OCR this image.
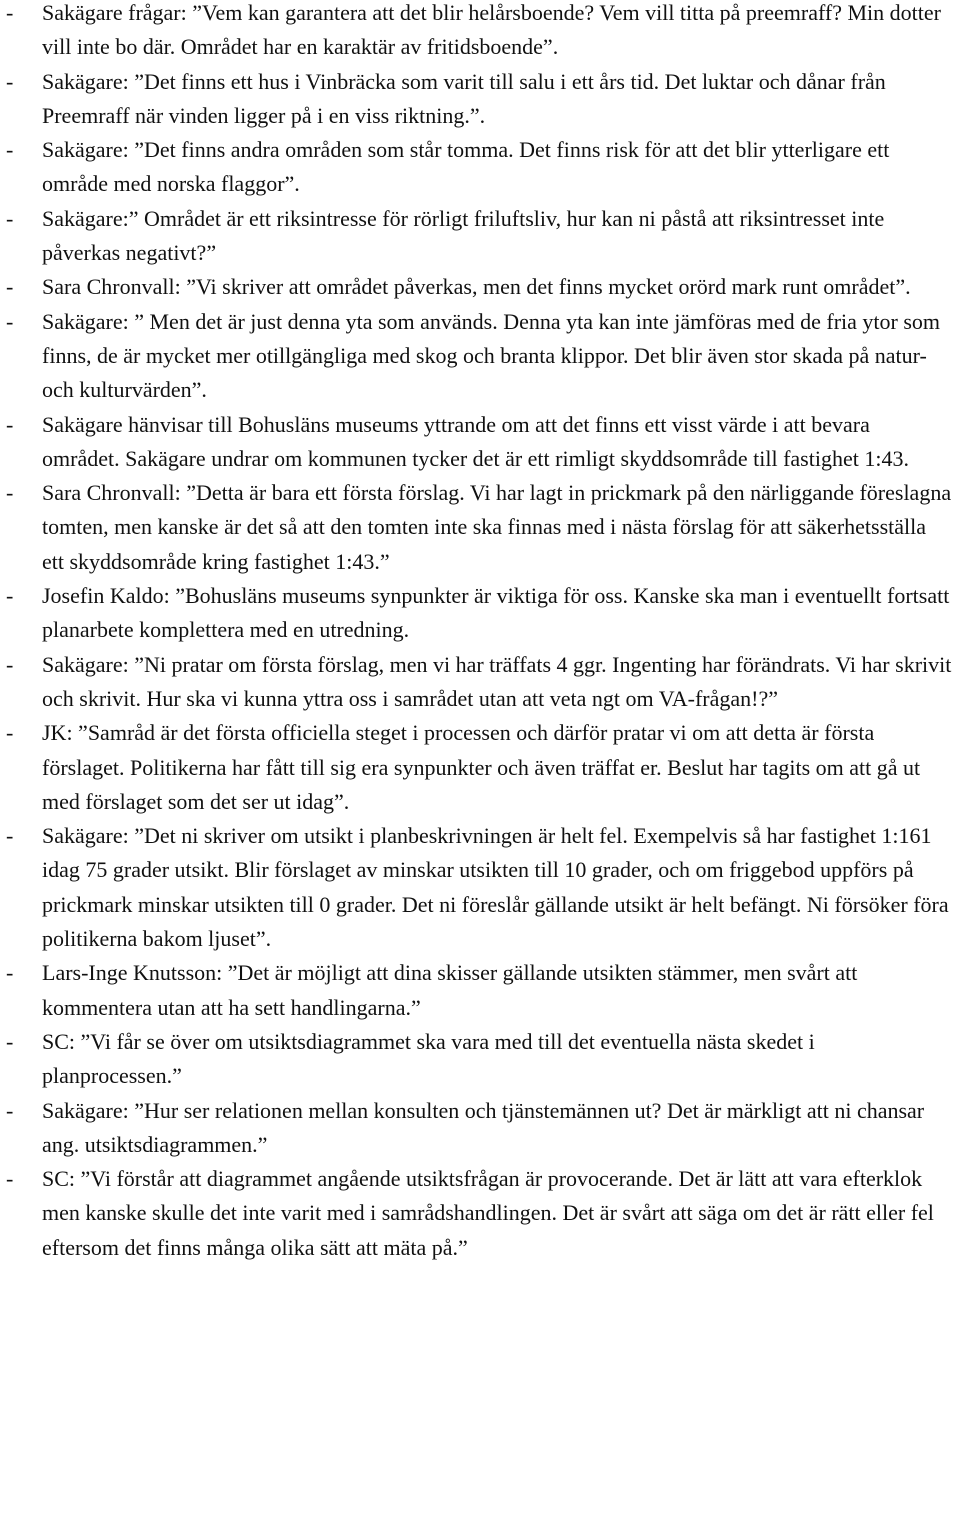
- Sakägare frågar: ”Vem kan garantera att det blir helårsboende? Vem vill titta på preemraff? Min dotter vill inte bo där. Området har en karaktär av fritidsboende”.
- Sakägare: ”Det finns ett hus i Vinbräcka som varit till salu i ett års tid. Det luktar och dånar från Preemraff när vinden ligger på i en viss riktning.”.
- Sakägare: ”Det finns andra områden som står tomma. Det finns risk för att det blir ytterligare ett område med norska flaggor”.
- Sakägare:” Området är ett riksintresse för rörligt friluftsliv, hur kan ni påstå att riksintresset inte påverkas negativt?”
- Sara Chronvall: ”Vi skriver att området påverkas, men det finns mycket orörd mark runt området”.
- Sakägare: ” Men det är just denna yta som används. Denna yta kan inte jämföras med de fria ytor som finns, de är mycket mer otillgängliga med skog och branta klippor. Det blir även stor skada på natur- och kulturvärden”.
- Sakägare hänvisar till Bohusläns museums yttrande om att det finns ett visst värde i att bevara området. Sakägare undrar om kommunen tycker det är ett rimligt skyddsområde till fastighet 1:43.
- Sara Chronvall: ”Detta är bara ett första förslag. Vi har lagt in prickmark på den närliggande föreslagna tomten, men kanske är det så att den tomten inte ska finnas med i nästa förslag för att säkerhetsställa ett skyddsområde kring fastighet 1:43.”
- Josefin Kaldo: ”Bohusläns museums synpunkter är viktiga för oss. Kanske ska man i eventuellt fortsatt planarbete komplettera med en utredning.
- Sakägare: ”Ni pratar om första förslag, men vi har träffats 4 ggr. Ingenting har förändrats. Vi har skrivit och skrivit. Hur ska vi kunna yttra oss i samrådet utan att veta ngt om VA-frågan!?”
- JK: ”Samråd är det första officiella steget i processen och därför pratar vi om att detta är första förslaget. Politikerna har fått till sig era synpunkter och även träffat er. Beslut har tagits om att gå ut med förslaget som det ser ut idag”.
- Sakägare: ”Det ni skriver om utsikt i planbeskrivningen är helt fel. Exempelvis så har fastighet 1:161 idag 75 grader utsikt. Blir förslaget av minskar utsikten till 10 grader, och om friggebod uppförs på prickmark minskar utsikten till 0 grader. Det ni föreslår gällande utsikt är helt befängt. Ni försöker föra politikerna bakom ljuset”.
- Lars-Inge Knutsson: ”Det är möjligt att dina skisser gällande utsikten stämmer, men svårt att kommentera utan att ha sett handlingarna.”
- SC: ”Vi får se över om utsiktsdiagrammet ska vara med till det eventuella nästa skedet i planprocessen.”
- Sakägare: ”Hur ser relationen mellan konsulten och tjänstemännen ut? Det är märkligt att ni chansar ang. utsiktsdiagrammen.”
- SC: ”Vi förstår att diagrammet angående utsiktsfrågan är provocerande. Det är lätt att vara efterklok men kanske skulle det inte varit med i samrådshandlingen. Det är svårt att säga om det är rätt eller fel eftersom det finns många olika sätt att mäta på.”
